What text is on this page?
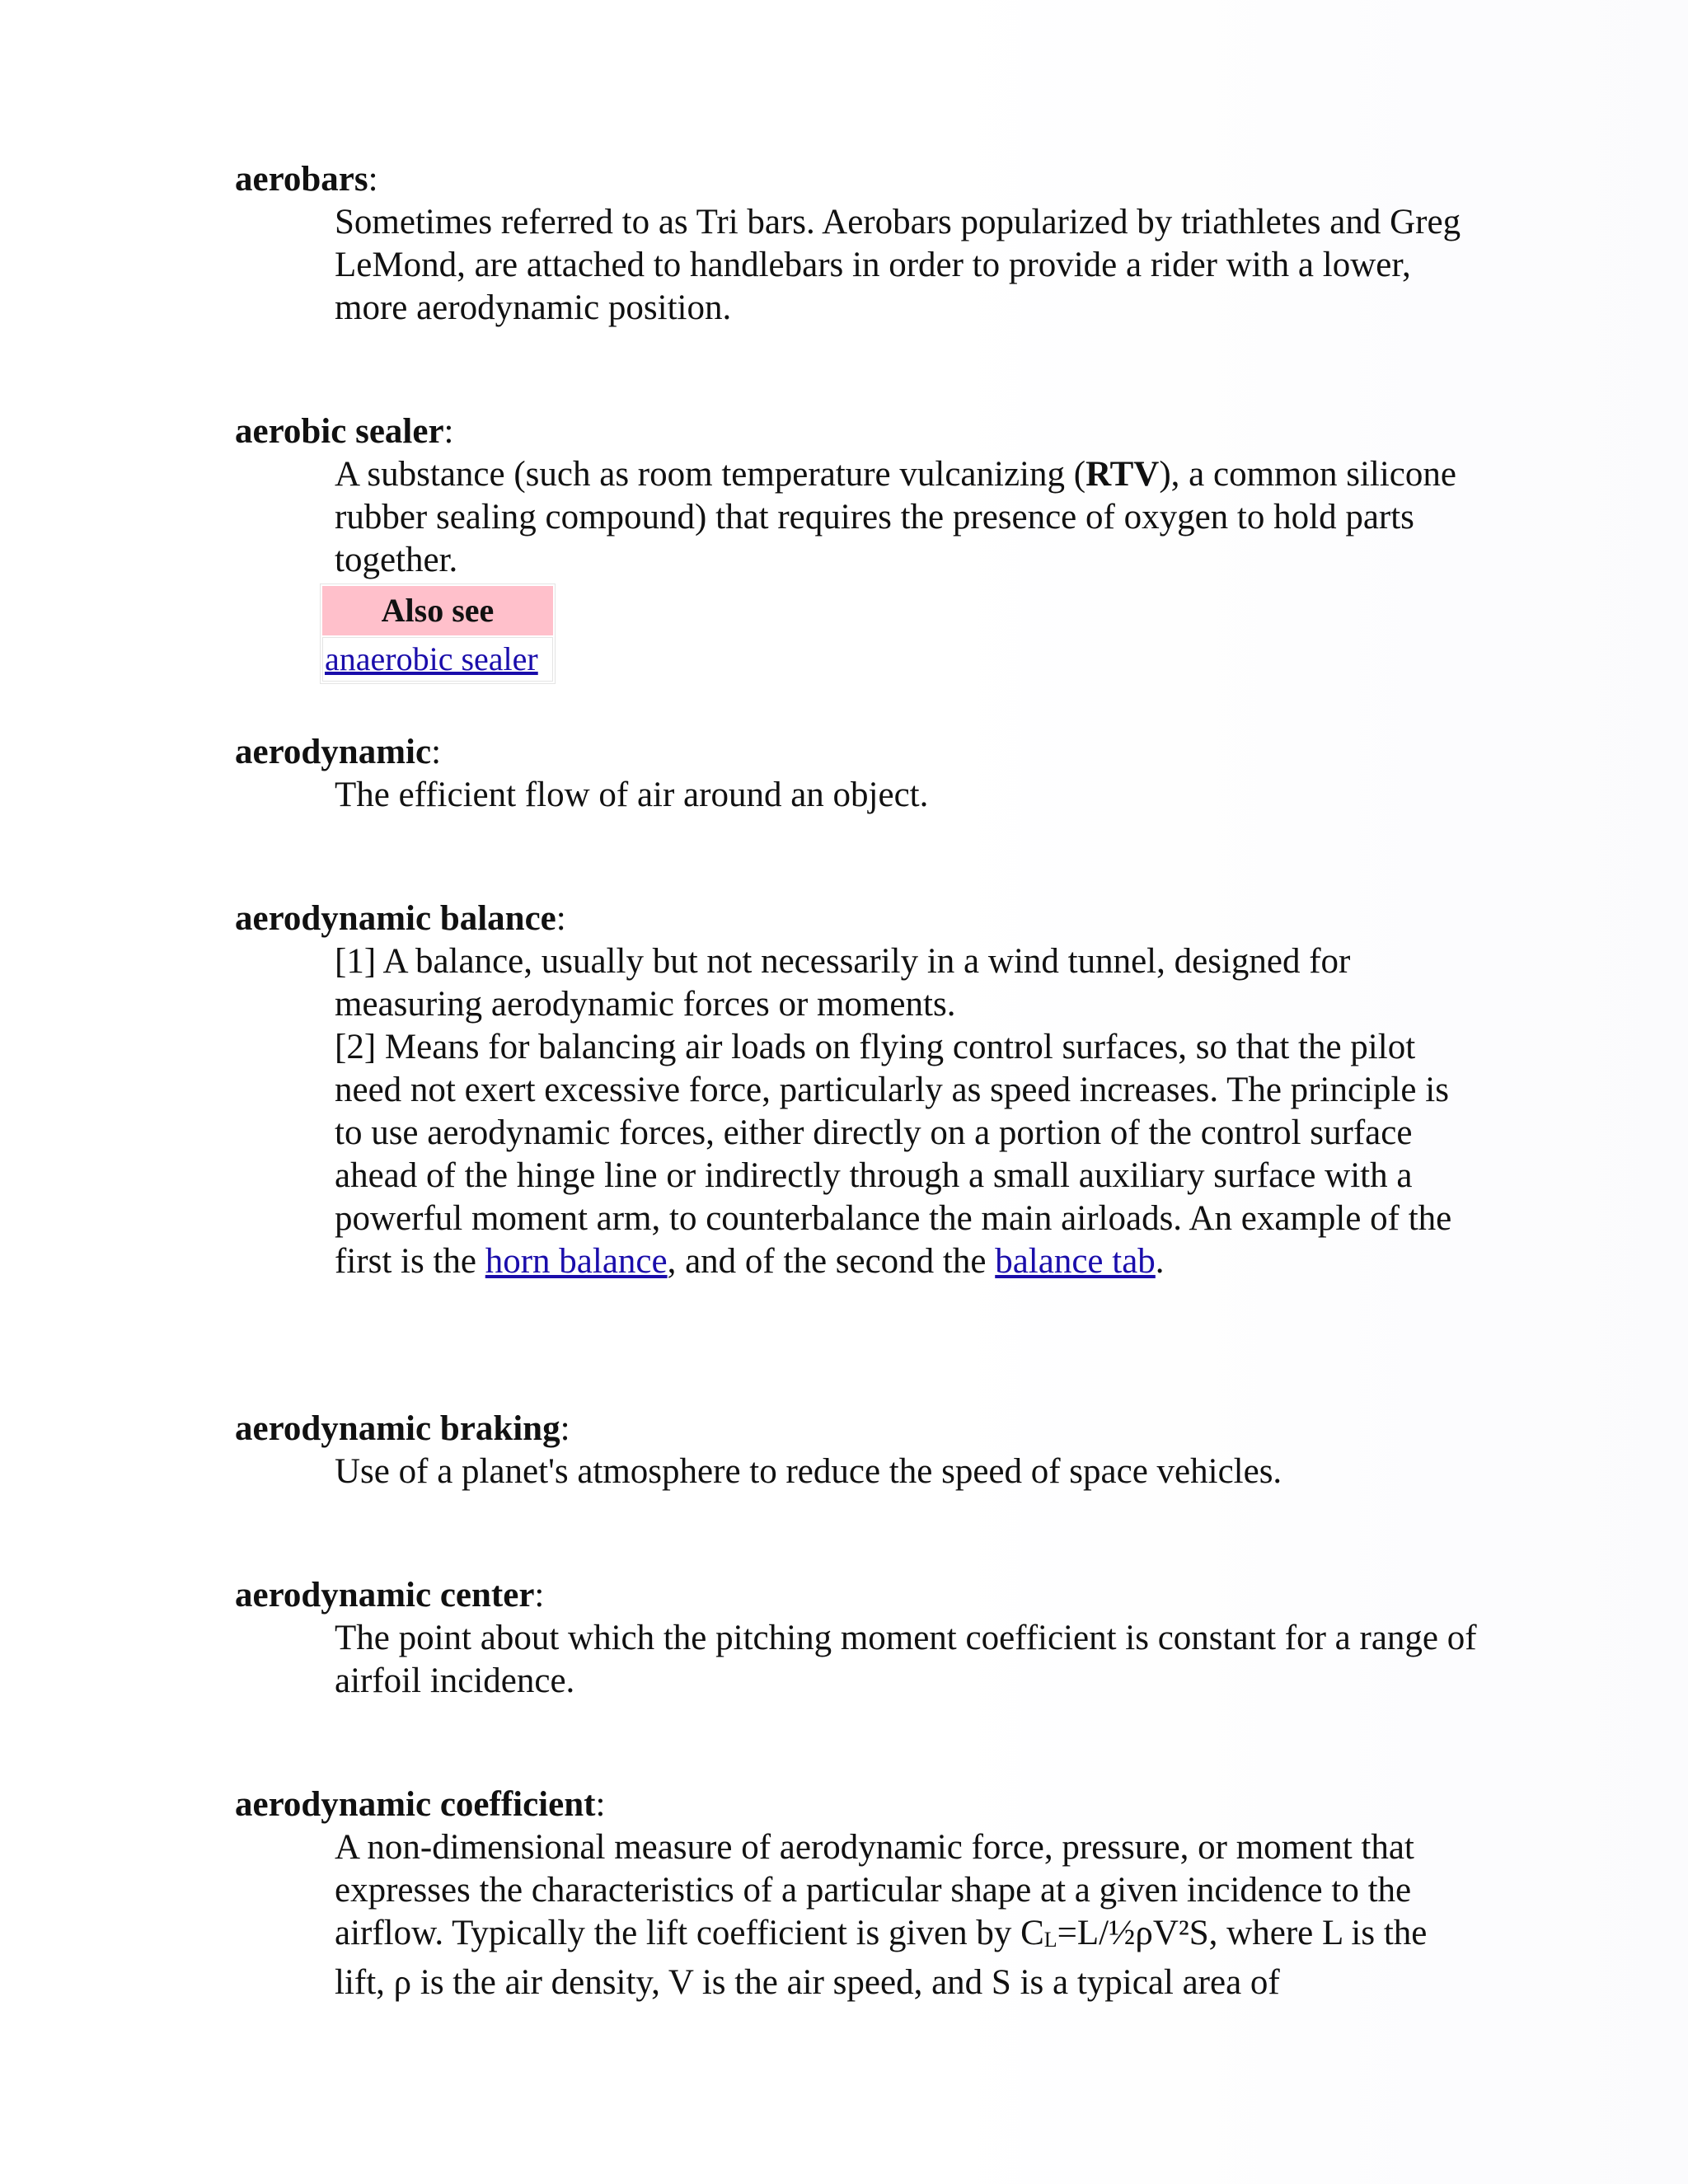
aerobars:

Sometimes referred to as Tri bars. Aerobars popularized by triathletes and Greg LeMond, are attached to handlebars in order to provide a rider with a lower, more aerodynamic position.

aerobic sealer:

A substance (such as room temperature vulcanizing (RTV), a common silicone rubber sealing compound) that requires the presence of oxygen to hold parts together.

Also see
anaerobic sealer

aerodynamic:

The efficient flow of air around an object.

aerodynamic balance:

[1] A balance, usually but not necessarily in a wind tunnel, designed for measuring aerodynamic forces or moments.

[2] Means for balancing air loads on flying control surfaces, so that the pilot need not exert excessive force, particularly as speed increases. The principle is to use aerodynamic forces, either directly on a portion of the control surface ahead of the hinge line or indirectly through a small auxiliary surface with a powerful moment arm, to counterbalance the main airloads. An example of the first is the horn balance, and of the second the balance tab.

aerodynamic braking:

Use of a planet's atmosphere to reduce the speed of space vehicles.

aerodynamic center:

The point about which the pitching moment coefficient is constant for a range of airfoil incidence.

aerodynamic coefficient:

A non-dimensional measure of aerodynamic force, pressure, or moment that expresses the characteristics of a particular shape at a given incidence to the airflow. Typically the lift coefficient is given by $C_L=L$/½ρV²S, where L is the lift, ρ is the air density, V is the air speed, and S is a typical area of
